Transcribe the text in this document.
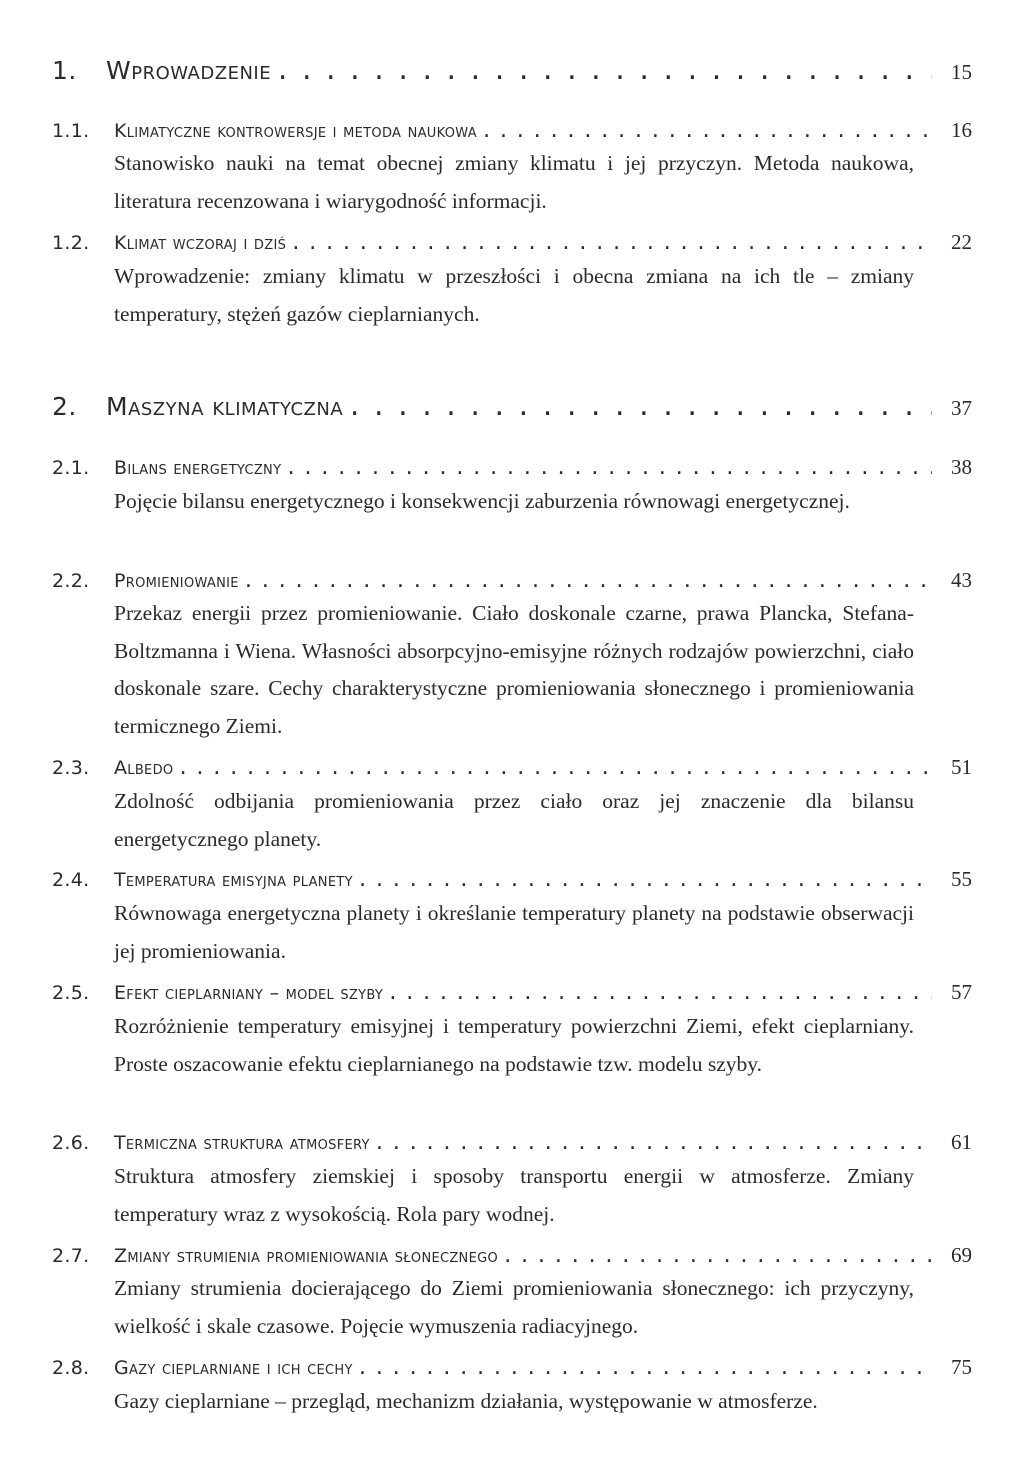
1.	Wprowadzenie . . .	15
1.1.	Klimatyczne kontrowersje i metoda naukowa . . .	16
Stanowisko nauki na temat obecnej zmiany klimatu i jej przyczyn. Metoda naukowa, literatura recenzowana i wiarygodność informacji.
1.2.	Klimat wczoraj i dziś . . .	22
Wprowadzenie: zmiany klimatu w przeszłości i obecna zmiana na ich tle – zmiany temperatury, stężeń gazów cieplarnianych.
2.	Maszyna klimatyczna . . .	37
2.1.	Bilans energetyczny . . .	38
Pojęcie bilansu energetycznego i konsekwencji zaburzenia równowagi energetycznej.
2.2.	Promieniowanie . . .	43
Przekaz energii przez promieniowanie. Ciało doskonale czarne, prawa Plancka, Stefana-Boltzmanna i Wiena. Własności absorpcyjno-emisyjne różnych rodzajów powierzchni, ciało doskonale szare. Cechy charakterystyczne promieniowania słonecznego i promieniowania termicznego Ziemi.
2.3.	Albedo . . .	51
Zdolność odbijania promieniowania przez ciało oraz jej znaczenie dla bilansu energetycznego planety.
2.4.	Temperatura emisyjna planety . . .	55
Równowaga energetyczna planety i określanie temperatury planety na podstawie obserwacji jej promieniowania.
2.5.	Efekt cieplarniany – model szyby . . .	57
Rozróżnienie temperatury emisyjnej i temperatury powierzchni Ziemi, efekt cieplarniany. Proste oszacowanie efektu cieplarnianego na podstawie tzw. modelu szyby.
2.6.	Termiczna struktura atmosfery . . .	61
Struktura atmosfery ziemskiej i sposoby transportu energii w atmosferze. Zmiany temperatury wraz z wysokością. Rola pary wodnej.
2.7.	Zmiany strumienia promieniowania słonecznego . . .	69
Zmiany strumienia docierającego do Ziemi promieniowania słonecznego: ich przyczyny, wielkość i skale czasowe. Pojęcie wymuszenia radiacyjnego.
2.8.	Gazy cieplarniane i ich cechy . . .	75
Gazy cieplarniane – przegląd, mechanizm działania, występowanie w atmosferze.
